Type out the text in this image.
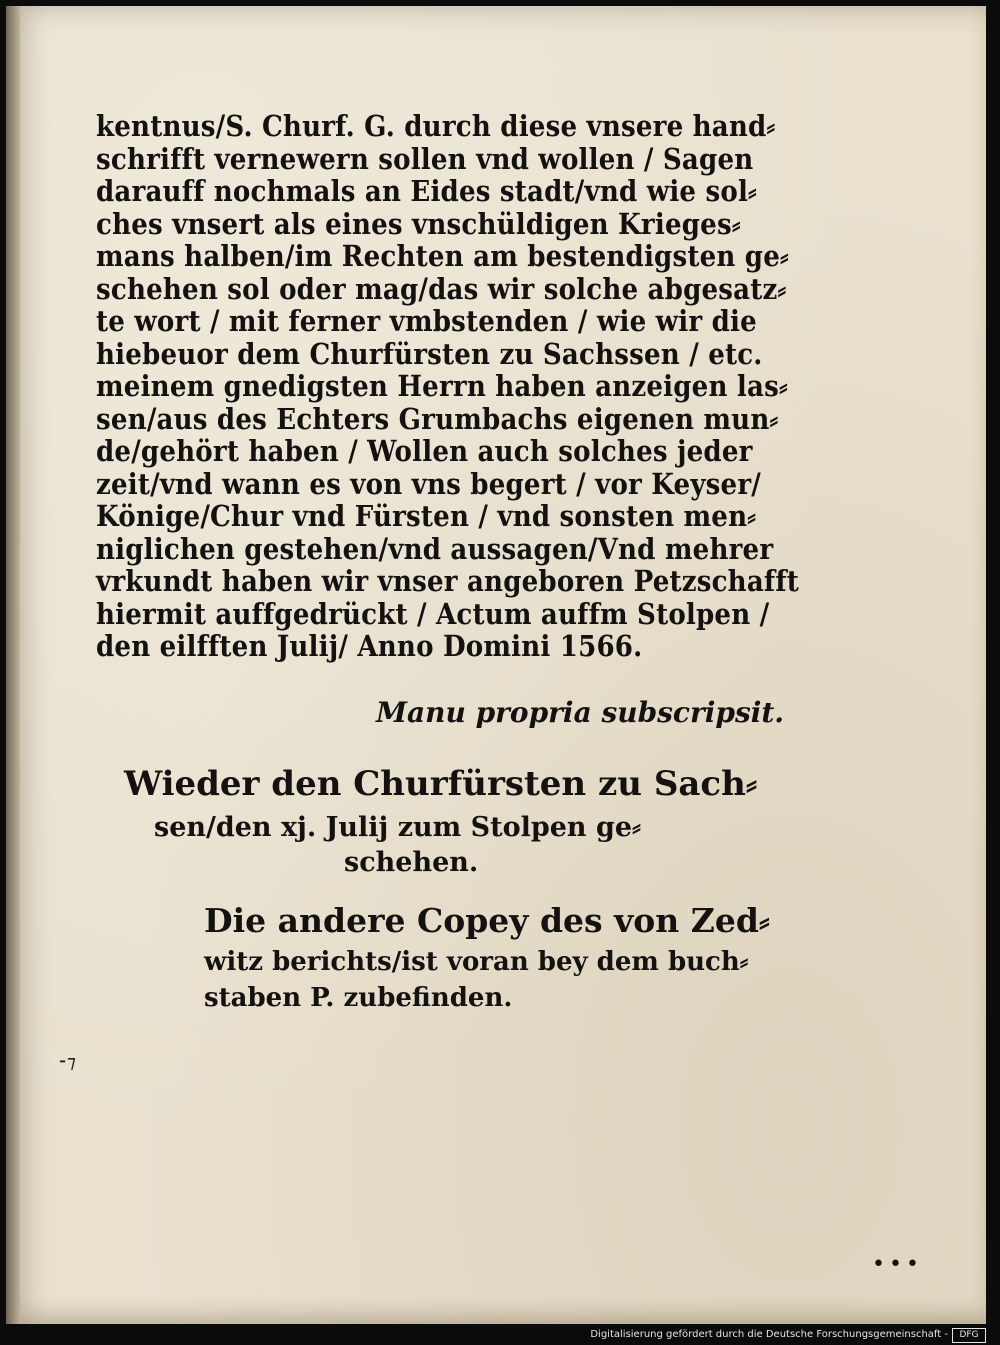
kentnus/S. Churf. G. durch diese vnsere hand⸗
schrifft vernewern sollen vnd wollen / Sagen
darauff nochmals an Eides stadt/vnd wie sol⸗
ches vnsert als eines vnschüldigen Krieges⸗
mans halben/im Rechten am bestendigsten ge⸗
schehen sol oder mag/das wir solche abgesatz⸗
te wort / mit ferner vmbstenden / wie wir die
hiebeuor dem Churfürsten zu Sachssen / etc.
meinem gnedigsten Herrn haben anzeigen las⸗
sen/aus des Echters Grumbachs eigenen mun⸗
de/gehört haben / Wollen auch solches jeder
zeit/vnd wann es von vns begert / vor Keyser/
Könige/Chur vnd Fürsten / vnd sonsten men⸗
niglichen gestehen/vnd aussagen/Vnd mehrer
vrkundt haben wir vnser angeboren Petzschafft
hiermit auffgedrückt / Actum auffm Stolpen /
den eilfften Julij/ Anno Domini 1566.
Manu propria subscripsit.
Wieder den Churfürsten zu Sach⸗
sen/den xj. Julij zum Stolpen ge⸗
schehen.
Die andere Copey des von Zed⸗
witz berichts/ist voran bey dem buch⸗
staben P. zubefinden.
⁃⁊
•••
Digitalisierung gefördert durch die Deutsche Forschungsgemeinschaft -	DFG
